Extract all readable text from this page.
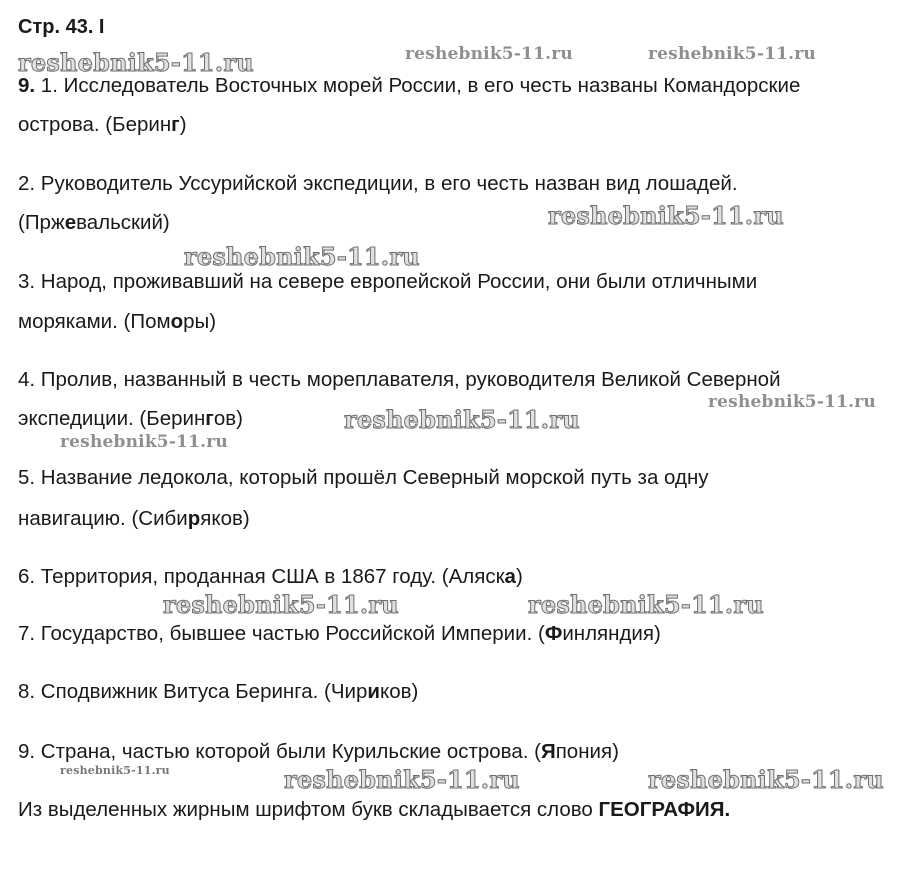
Стр. 43. I
reshebnik5-11.ru	reshebnik5-11.ru	reshebnik5-11.ru
reshebnik5-11.ru
reshebnik5-11.ru
reshebnik5-11.ru
reshebnik5-11.ru
reshebnik5-11.ru
reshebnik5-11.ru	reshebnik5-11.ru
reshebnik5-11.ru	reshebnik5-11.ru	reshebnik5-11.ru
9. 1. Исследователь Восточных морей России, в его честь названы Командорские
острова. (Беринг)
2. Руководитель Уссурийской экспедиции, в его честь назван вид лошадей.
(Пржевальский)
3. Народ, проживавший на севере европейской России, они были отличными
моряками. (Поморы)
4. Пролив, названный в честь мореплавателя, руководителя Великой Северной
экспедиции. (Берингов)
5. Название ледокола, который прошёл Северный морской путь за одну
навигацию. (Сибиряков)
6. Территория, проданная США в 1867 году. (Аляска)
7. Государство, бывшее частью Российской Империи. (Финляндия)
8. Сподвижник Витуса Беринга. (Чириков)
9. Страна, частью которой были Курильские острова. (Япония)
Из выделенных жирным шрифтом букв складывается слово ГЕОГРАФИЯ.
